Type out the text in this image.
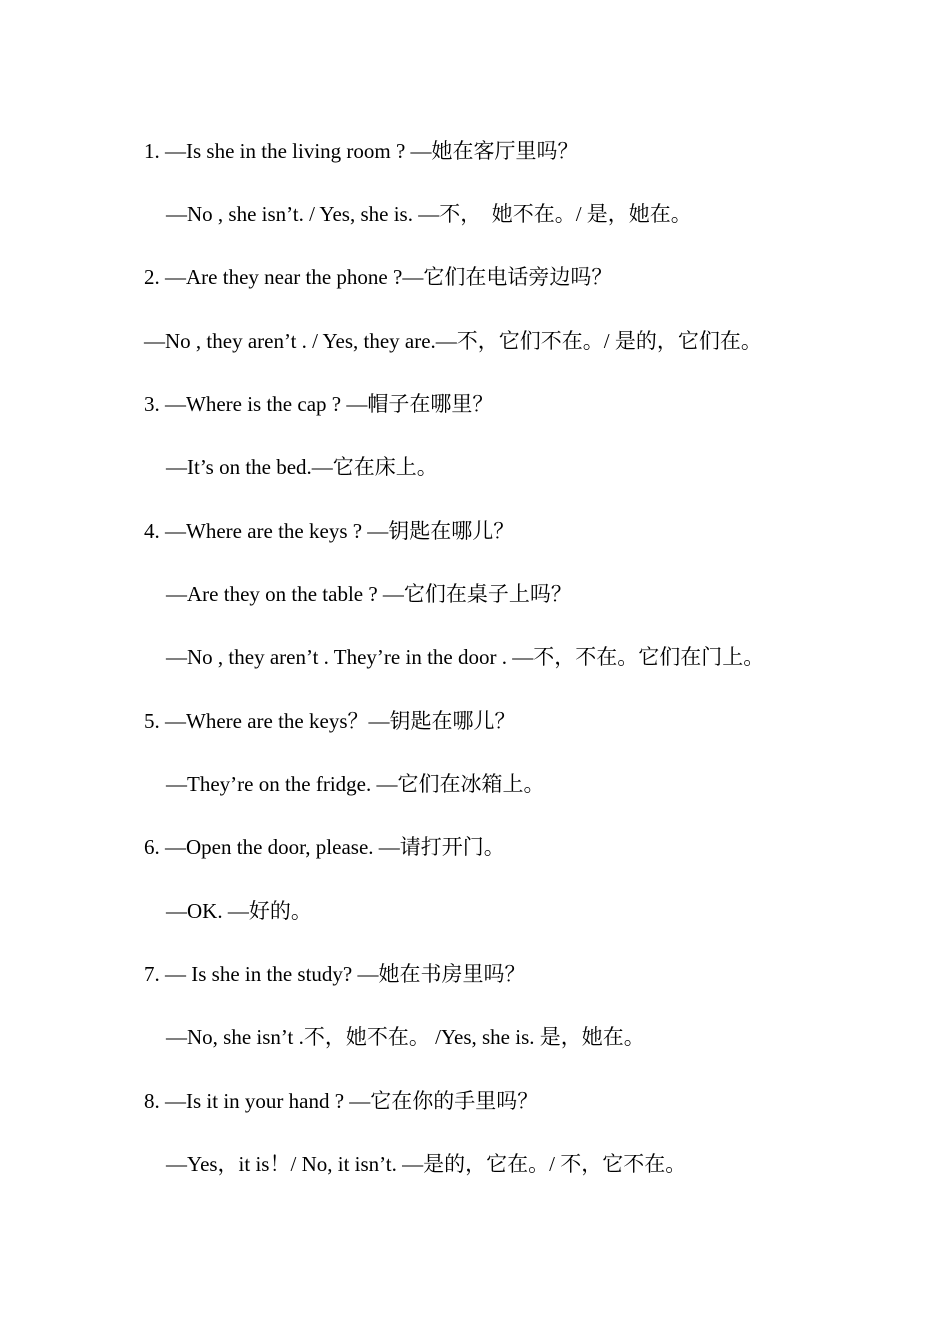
1. —Is she in the living room ? —她在客厅里吗？
—No , she isn’t. / Yes, she is. —不，  她不在。/ 是，她在。
2. —Are they near the phone ?—它们在电话旁边吗？
—No , they aren’t . / Yes, they are.—不，它们不在。/ 是的，它们在。
3. —Where is the cap ? —帽子在哪里？
—It’s on the bed.—它在床上。
4. —Where are the keys ? —钥匙在哪儿？
—Are they on the table ? —它们在桌子上吗？
—No , they aren’t . They’re in the door . —不，不在。它们在门上。
5. —Where are the keys？—钥匙在哪儿？
—They’re on the fridge. —它们在冰箱上。
6. —Open the door, please. —请打开门。
—OK. —好的。
7. — Is she in the study? —她在书房里吗？
—No, she isn’t .不，她不在。 /Yes, she is. 是，她在。
8. —Is it in your hand ? —它在你的手里吗？
—Yes，it is！/ No, it isn’t. —是的，它在。/ 不，它不在。
